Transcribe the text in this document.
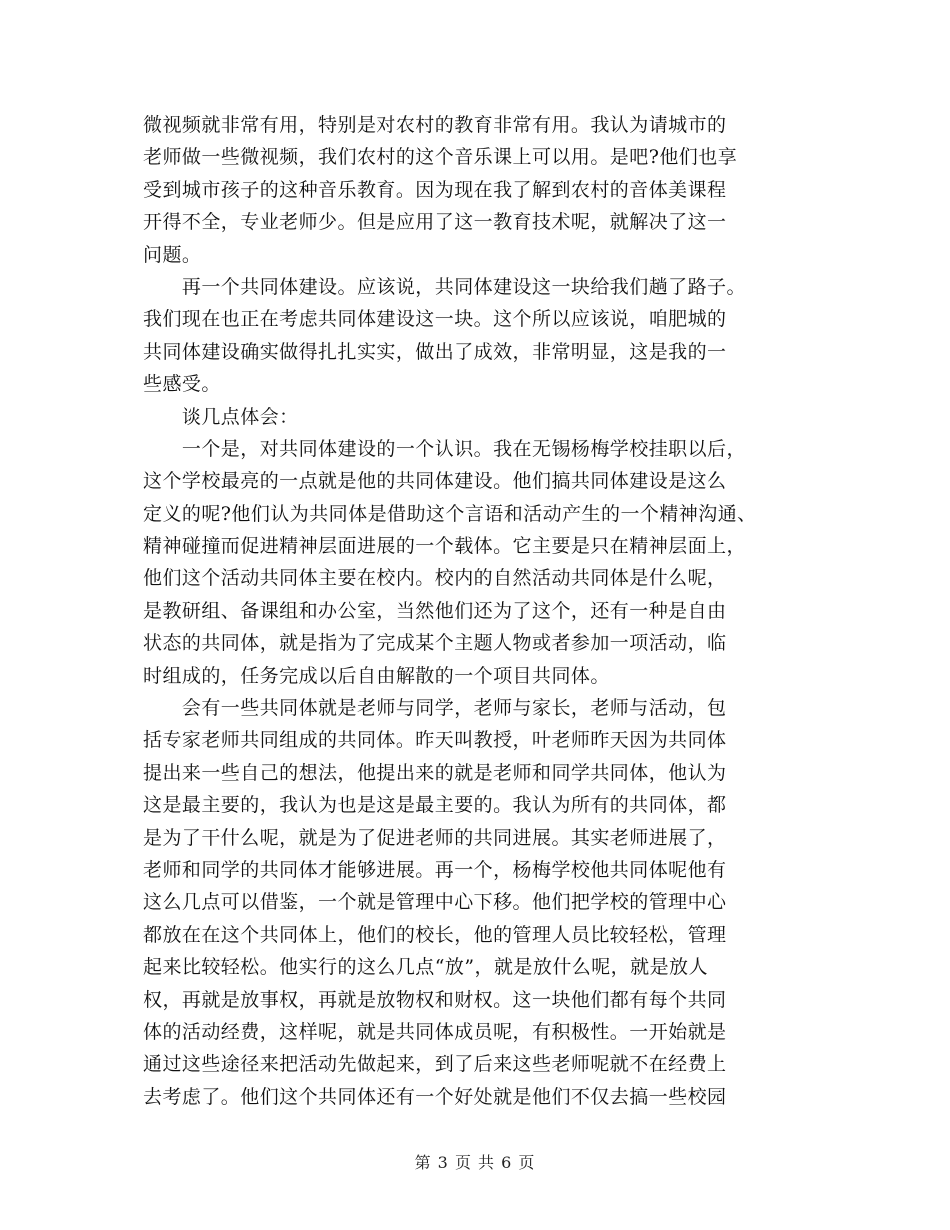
微视频就非常有用，特别是对农村的教育非常有用。我认为请城市的
老师做一些微视频，我们农村的这个音乐课上可以用。是吧?他们也享
受到城市孩子的这种音乐教育。因为现在我了解到农村的音体美课程
开得不全，专业老师少。但是应用了这一教育技术呢，就解决了这一
问题。
　　再一个共同体建设。应该说，共同体建设这一块给我们趟了路子。
我们现在也正在考虑共同体建设这一块。这个所以应该说，咱肥城的
共同体建设确实做得扎扎实实，做出了成效，非常明显，这是我的一
些感受。
　　谈几点体会：
　　一个是，对共同体建设的一个认识。我在无锡杨梅学校挂职以后，
这个学校最亮的一点就是他的共同体建设。他们搞共同体建设是这么
定义的呢?他们认为共同体是借助这个言语和活动产生的一个精神沟通、
精神碰撞而促进精神层面进展的一个载体。它主要是只在精神层面上，
他们这个活动共同体主要在校内。校内的自然活动共同体是什么呢，
是教研组、备课组和办公室，当然他们还为了这个，还有一种是自由
状态的共同体，就是指为了完成某个主题人物或者参加一项活动，临
时组成的，任务完成以后自由解散的一个项目共同体。
　　会有一些共同体就是老师与同学，老师与家长，老师与活动，包
括专家老师共同组成的共同体。昨天叫教授，叶老师昨天因为共同体
提出来一些自己的想法，他提出来的就是老师和同学共同体，他认为
这是最主要的，我认为也是这是最主要的。我认为所有的共同体，都
是为了干什么呢，就是为了促进老师的共同进展。其实老师进展了，
老师和同学的共同体才能够进展。再一个，杨梅学校他共同体呢他有
这么几点可以借鉴，一个就是管理中心下移。他们把学校的管理中心
都放在在这个共同体上，他们的校长，他的管理人员比较轻松，管理
起来比较轻松。他实行的这么几点“放”，就是放什么呢，就是放人
权，再就是放事权，再就是放物权和财权。这一块他们都有每个共同
体的活动经费，这样呢，就是共同体成员呢，有积极性。一开始就是
通过这些途径来把活动先做起来，到了后来这些老师呢就不在经费上
去考虑了。他们这个共同体还有一个好处就是他们不仅去搞一些校园
第 3 页 共 6 页
